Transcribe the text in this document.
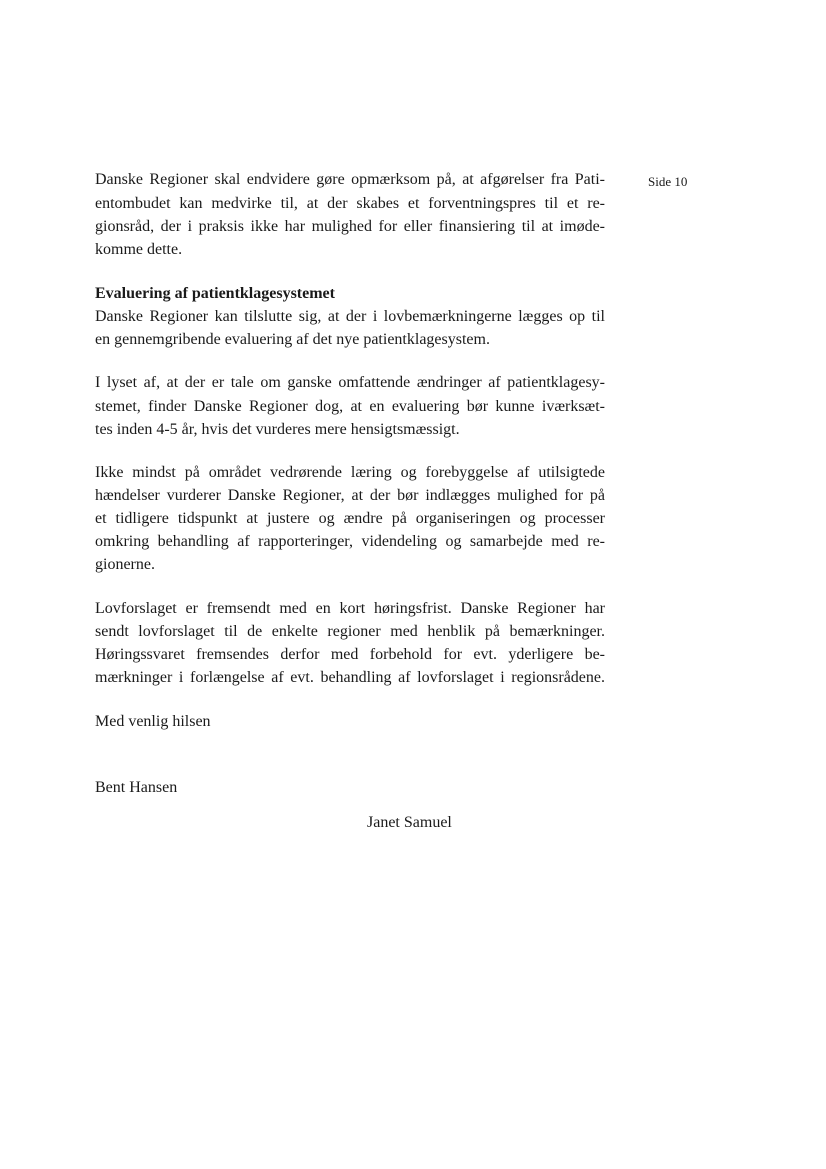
Side 10
Danske Regioner skal endvidere gøre opmærksom på, at afgørelser fra Pati-
entombudet kan medvirke til, at der skabes et forventningspres til et re-
gionsråd, der i praksis ikke har mulighed for eller finansiering til at imøde-
komme dette.
Evaluering af patientklagesystemet
Danske Regioner kan tilslutte sig, at der i lovbemærkningerne lægges op til
en gennemgribende evaluering af det nye patientklagesystem.
I lyset af, at der er tale om ganske omfattende ændringer af patientklagesy-
stemet, finder Danske Regioner dog, at en evaluering bør kunne iværksæt-
tes inden 4-5 år, hvis det vurderes mere hensigtsmæssigt.
Ikke mindst på området vedrørende læring og forebyggelse af utilsigtede
hændelser vurderer Danske Regioner, at der bør indlægges mulighed for på
et tidligere tidspunkt at justere og ændre på organiseringen og processer
omkring behandling af rapporteringer, videndeling og samarbejde med re-
gionerne.
Lovforslaget er fremsendt med en kort høringsfrist. Danske Regioner har
sendt lovforslaget til de enkelte regioner med henblik på bemærkninger.
Høringssvaret fremsendes derfor med forbehold for evt. yderligere be-
mærkninger i forlængelse af evt. behandling af lovforslaget i regionsrådene.
Med venlig hilsen
Bent Hansen
Janet Samuel
